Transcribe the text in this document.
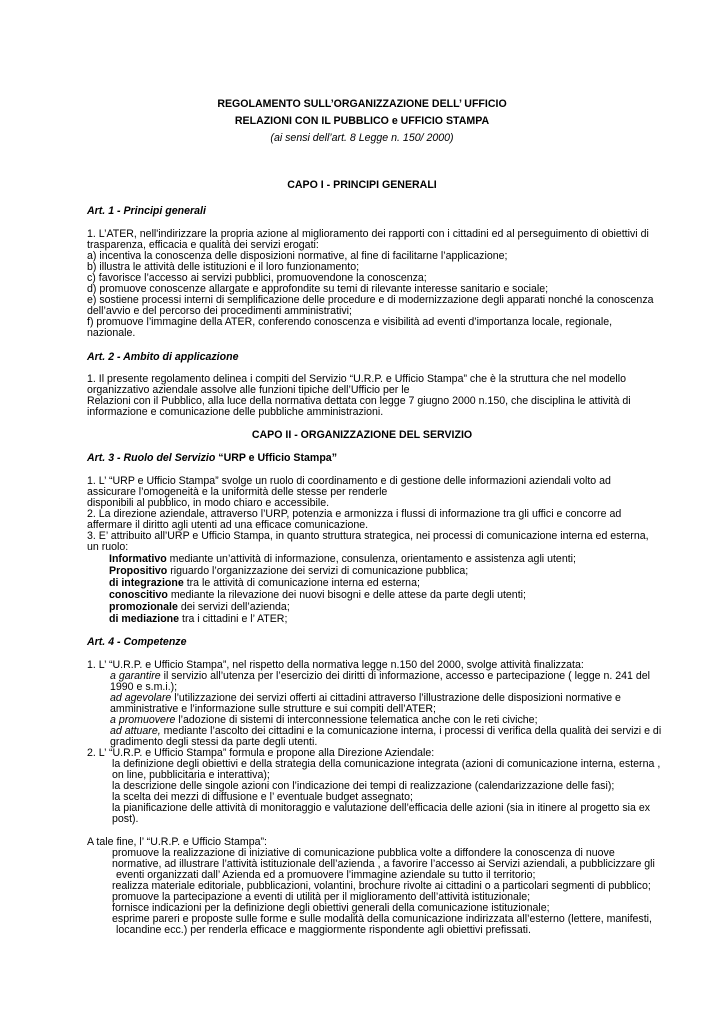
REGOLAMENTO SULL’ORGANIZZAZIONE DELL’ UFFICIO
RELAZIONI CON IL PUBBLICO e UFFICIO STAMPA
(ai sensi dell’art. 8 Legge n. 150/ 2000)
CAPO I - PRINCIPI GENERALI
Art. 1 - Principi generali
1. L’ATER, nell'indirizzare la propria azione al miglioramento dei rapporti con i cittadini ed al perseguimento di obiettivi di
trasparenza, efficacia e qualità dei servizi erogati:
a) incentiva la conoscenza delle disposizioni normative, al fine di facilitarne l’applicazione;
b) illustra le attività delle istituzioni e il loro funzionamento;
c) favorisce l’accesso ai servizi pubblici, promuovendone la conoscenza;
d) promuove conoscenze allargate e approfondite su temi di rilevante interesse sanitario e sociale;
e) sostiene processi interni di semplificazione delle procedure e di modernizzazione degli apparati nonché la conoscenza
dell’avvio e del percorso dei procedimenti amministrativi;
f) promuove l’immagine della ATER, conferendo conoscenza e visibilità ad eventi d’importanza locale, regionale,
nazionale.
Art. 2 - Ambito di applicazione
1. Il presente regolamento delinea i compiti del Servizio “U.R.P. e Ufficio Stampa” che è la struttura che nel modello
organizzativo aziendale assolve alle funzioni tipiche dell’Ufficio per le
Relazioni con il Pubblico, alla luce della normativa dettata con legge 7 giugno 2000 n.150, che disciplina le attività di
informazione e comunicazione delle pubbliche amministrazioni.
CAPO II - ORGANIZZAZIONE DEL SERVIZIO
Art. 3 - Ruolo del Servizio “URP e Ufficio Stampa”
1. L’ “URP e Ufficio Stampa” svolge un ruolo di coordinamento e di gestione delle informazioni aziendali volto ad
assicurare l’omogeneità e la uniformità delle stesse per renderle
disponibili al pubblico, in modo chiaro e accessibile.
2. La direzione aziendale, attraverso l’URP, potenzia e armonizza i flussi di informazione tra gli uffici e concorre ad
affermare il diritto agli utenti ad una efficace comunicazione.
3. E’ attribuito all’URP e Ufficio Stampa, in quanto struttura strategica, nei processi di comunicazione interna ed esterna,
un ruolo:
Informativo mediante un’attività di informazione, consulenza, orientamento e assistenza agli utenti;
Propositivo riguardo l’organizzazione dei servizi di comunicazione pubblica;
di integrazione tra le attività di comunicazione interna ed esterna;
conoscitivo mediante la rilevazione dei nuovi bisogni e delle attese da parte degli utenti;
promozionale dei servizi dell’azienda;
di mediazione tra i cittadini e l’ ATER;
Art. 4 - Competenze
1. L’ “U.R.P. e Ufficio Stampa”, nel rispetto della normativa legge n.150 del 2000, svolge attività finalizzata:
a garantire il servizio all’utenza per l’esercizio dei diritti di informazione, accesso e partecipazione ( legge n. 241 del
1990 e s.m.i.);
ad agevolare l’utilizzazione dei servizi offerti ai cittadini attraverso l’illustrazione delle disposizioni normative e
amministrative e l’informazione sulle strutture e sui compiti dell’ATER;
a promuovere l’adozione di sistemi di interconnessione telematica anche con le reti civiche;
ad attuare, mediante l’ascolto dei cittadini e la comunicazione interna, i processi di verifica della qualità dei servizi e di
gradimento degli stessi da parte degli utenti.
2. L’ “U.R.P. e Ufficio Stampa” formula e propone alla Direzione Aziendale:
la definizione degli obiettivi e della strategia della comunicazione integrata (azioni di comunicazione interna, esterna ,
on line, pubblicitaria e interattiva);
la descrizione delle singole azioni con l’indicazione dei tempi di realizzazione (calendarizzazione delle fasi);
la scelta dei mezzi di diffusione e l’ eventuale budget assegnato;
la pianificazione delle attività di monitoraggio e valutazione dell’efficacia delle azioni (sia in itinere al progetto sia ex
post).
A tale fine, l’ “U.R.P. e Ufficio Stampa”:
promuove la realizzazione di iniziative di comunicazione pubblica volte a diffondere la conoscenza di nuove
normative, ad illustrare l’attività istituzionale dell’azienda , a favorire l’accesso ai Servizi aziendali, a pubblicizzare gli
eventi organizzati dall’ Azienda ed a promuovere l’immagine aziendale su tutto il territorio;
realizza materiale editoriale, pubblicazioni, volantini, brochure rivolte ai cittadini o a particolari segmenti di pubblico;
promuove la partecipazione a eventi di utilità per il miglioramento dell’attività istituzionale;
fornisce indicazioni per la definizione degli obiettivi generali della comunicazione istituzionale;
esprime pareri e proposte sulle forme e sulle modalità della comunicazione indirizzata all’esterno (lettere, manifesti,
locandine ecc.) per renderla efficace e maggiormente rispondente agli obiettivi prefissati.
